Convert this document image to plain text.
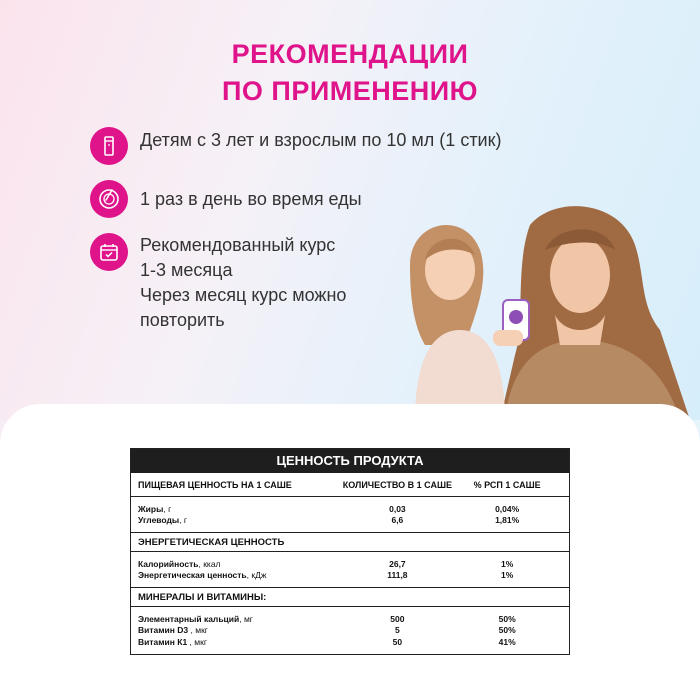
РЕКОМЕНДАЦИИ
ПО ПРИМЕНЕНИЮ
Детям с 3 лет и взрослым по 10 мл (1 стик)
1 раз в день во время еды
Рекомендованный курс
1-3 месяца
Через месяц курс можно
повторить
ЦЕННОСТЬ ПРОДУКТА
ПИЩЕВАЯ ЦЕННОСТЬ НА 1 САШЕ	КОЛИЧЕСТВО В 1 САШЕ	% РСП 1 САШЕ
Жиры, г	0,03	0,04%
Углеводы, г	6,6	1,81%
ЭНЕРГЕТИЧЕСКАЯ ЦЕННОСТЬ
Калорийность, ккал	26,7	1%
Энергетическая ценность, кДж	111,8	1%
МИНЕРАЛЫ И ВИТАМИНЫ:
Элементарный кальций, мг	500	50%
Витамин D3 , мкг	5	50%
Витамин К1 , мкг	50	41%
